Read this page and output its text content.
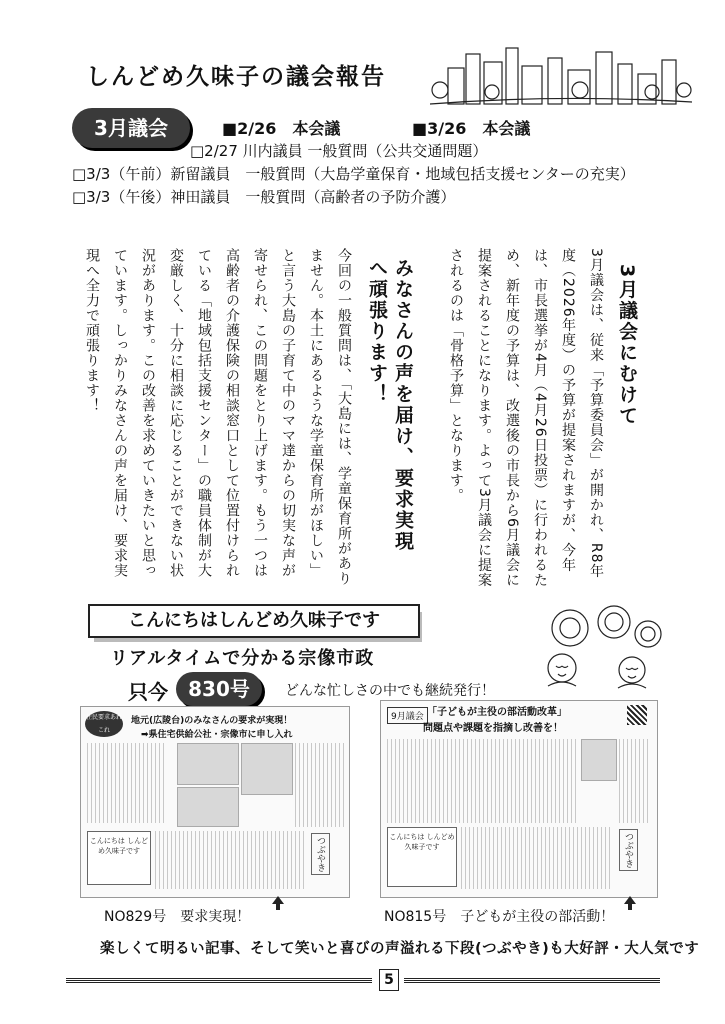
しんどめ久味子の議会報告
3月議会	■2/26　本会議	■3/26　本会議
□2/27 川内議員 一般質問（公共交通問題）
□3/3（午前）新留議員　一般質問（大島学童保育・地域包括支援センターの充実）
□3/3（午後）神田議員　一般質問（高齢者の予防介護）
3月議会にむけて
3月議会は、従来「予算委員会」が開かれ、R8年度（2026年度）の予算が提案されますが、今年は、市長選挙が4月（4月26日投票）に行われるため、新年度の予算は、改選後の市長から6月議会に提案されることになります。よって3月議会に提案されるのは「骨格予算」となります。
みなさんの声を届け、要求実現へ頑張ります！
今回の一般質問は、「大島には、学童保育所がありません。本土にあるような学童保育所がほしい」と言う大島の子育て中のママ達からの切実な声が寄せられ、この問題をとり上げます。もう一つは高齢者の介護保険の相談窓口として位置付けられている「地域包括支援センター」の職員体制が大変厳しく、十分に相談に応じることができない状況があります。この改善を求めていきたいと思っています。しっかりみなさんの声を届け、要求実現へ全力で頑張ります！
こんにちはしんどめ久味子です
リアルタイムで分かる宗像市政
只今	830号	どんな忙しさの中でも継続発行！
住民要求あれこれ
地元(広陵台)のみなさんの要求が実現！
➡県住宅供給公社・宗像市に申し入れ
こんにちは しんどめ久味子です	つぶやき
9月議会 「子どもが主役の部活動改革」
問題点や課題を指摘し改善を！
こんにちは しんどめ久味子です	つぶやき
NO829号　要求実現！	NO815号　子どもが主役の部活動！
楽しくて明るい記事、そして笑いと喜びの声溢れる下段(つぶやき)も大好評・大人気です
5
